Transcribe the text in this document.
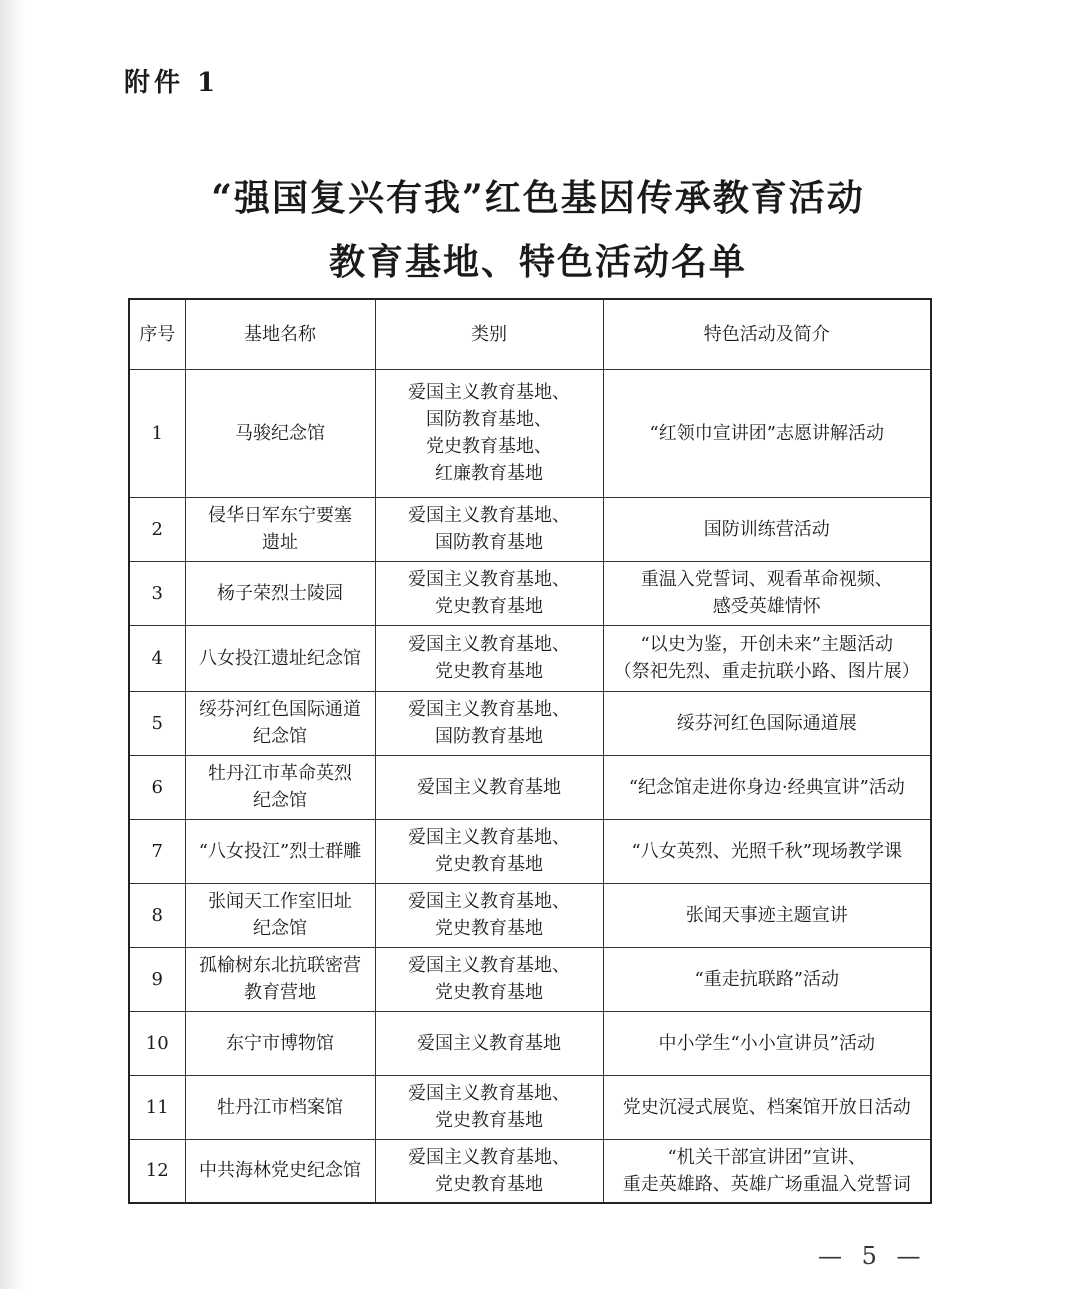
附件 1
“强国复兴有我”红色基因传承教育活动
教育基地、特色活动名单
序号	基地名称	类别	特色活动及简介
1	马骏纪念馆	爱国主义教育基地、
国防教育基地、
党史教育基地、
红廉教育基地	“红领巾宣讲团”志愿讲解活动
2	侵华日军东宁要塞
遗址	爱国主义教育基地、
国防教育基地	国防训练营活动
3	杨子荣烈士陵园	爱国主义教育基地、
党史教育基地	重温入党誓词、观看革命视频、
感受英雄情怀
4	八女投江遗址纪念馆	爱国主义教育基地、
党史教育基地	“以史为鉴，开创未来”主题活动
（祭祀先烈、重走抗联小路、图片展）
5	绥芬河红色国际通道
纪念馆	爱国主义教育基地、
国防教育基地	绥芬河红色国际通道展
6	牡丹江市革命英烈
纪念馆	爱国主义教育基地	“纪念馆走进你身边·经典宣讲”活动
7	“八女投江”烈士群雕	爱国主义教育基地、
党史教育基地	“八女英烈、光照千秋”现场教学课
8	张闻天工作室旧址
纪念馆	爱国主义教育基地、
党史教育基地	张闻天事迹主题宣讲
9	孤榆树东北抗联密营
教育营地	爱国主义教育基地、
党史教育基地	“重走抗联路”活动
10	东宁市博物馆	爱国主义教育基地	中小学生“小小宣讲员”活动
11	牡丹江市档案馆	爱国主义教育基地、
党史教育基地	党史沉浸式展览、档案馆开放日活动
12	中共海林党史纪念馆	爱国主义教育基地、
党史教育基地	“机关干部宣讲团”宣讲、
重走英雄路、英雄广场重温入党誓词
— 5 —
